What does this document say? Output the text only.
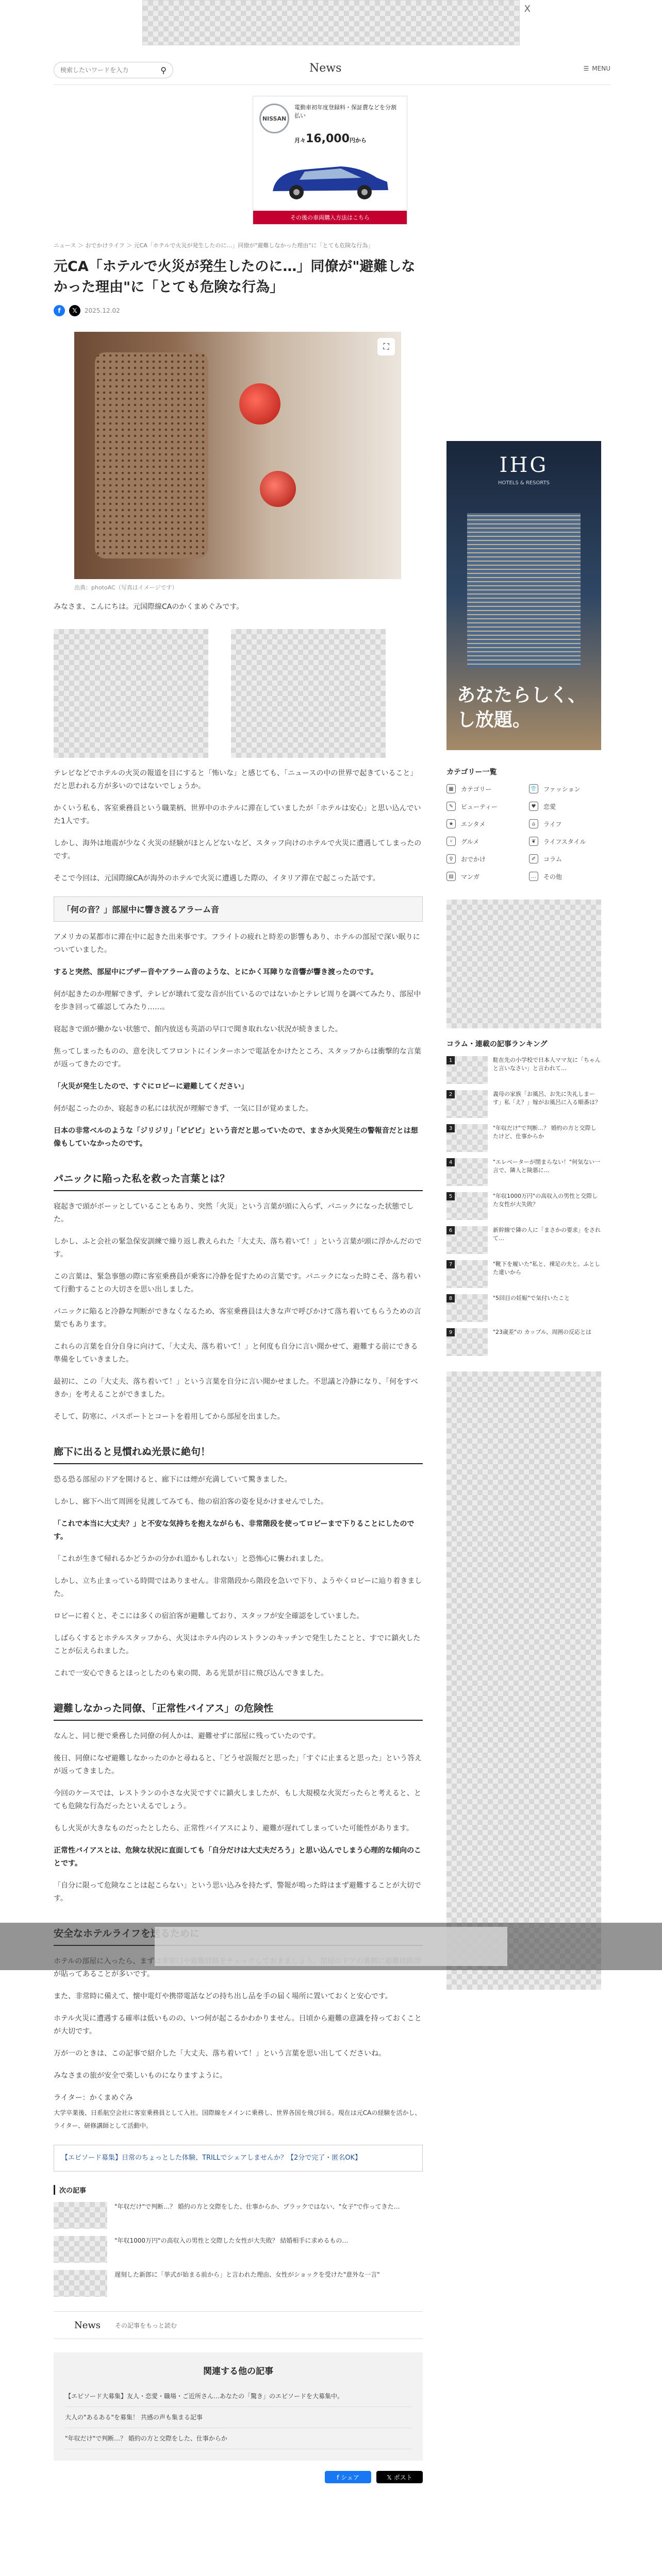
X
検索したいワードを入力
⚲	News	☰ MENU
NISSAN
電動車初年度登録料・保証費などを分割払い
月々16,000円から
その後の車両購入方法はこちら
ニュース ＞ おでかけライフ ＞ 元CA「ホテルで火災が発生したのに…」同僚が"避難しなかった理由"に「とても危険な行為」
元CA「ホテルで火災が発生したのに…」同僚が"避難しなかった理由"に「とても危険な行為」
f	𝕏	2025.12.02
⛶
出典：photoAC（写真はイメージです）

みなさま、こんにちは。元国際線CAのかくまめぐみです。

テレビなどでホテルの火災の報道を目にすると「怖いな」と感じても、「ニュースの中の世界で起きていること」だと思われる方が多いのではないでしょうか。

かくいう私も、客室乗務員という職業柄、世界中のホテルに滞在していましたが「ホテルは安心」と思い込んでいた1人です。

しかし、海外は地震が少なく火災の経験がほとんどないなど、スタッフ向けのホテルで火災に遭遇してしまったのです。

そこで今回は、元国際線CAが海外のホテルで火災に遭遇した際の、イタリア滞在で起こった話です。

「何の音？」部屋中に響き渡るアラーム音

アメリカの某都市に滞在中に起きた出来事です。フライトの疲れと時差の影響もあり、ホテルの部屋で深い眠りについていました。

すると突然、部屋中にブザー音やアラーム音のような、とにかく耳障りな音響が響き渡ったのです。

何が起きたのか理解できず、テレビが壊れて変な音が出ているのではないかとテレビ周りを調べてみたり、部屋中を歩き回って確認してみたり……。

寝起きで頭が働かない状態で、館内放送も英語の早口で聞き取れない状況が続きました。

焦ってしまったものの、意を決してフロントにインターホンで電話をかけたところ、スタッフからは衝撃的な言葉が返ってきたのです。

「火災が発生したので、すぐにロビーに避難してください」

何が起こったのか、寝起きの私には状況が理解できず、一気に目が覚めました。

日本の非常ベルのような「ジリジリ」「ピピピ」という音だと思っていたので、まさか火災発生の警報音だとは想像もしていなかったのです。

パニックに陥った私を救った言葉とは？

寝起きで頭がボーッとしていることもあり、突然「火災」という言葉が頭に入らず、パニックになった状態でした。

しかし、ふと会社の緊急保安訓練で繰り返し教えられた「大丈夫、落ち着いて！」という言葉が頭に浮かんだのです。

この言葉は、緊急事態の際に客室乗務員が乗客に冷静を促すための言葉です。パニックになった時こそ、落ち着いて行動することの大切さを思い出しました。

パニックに陥ると冷静な判断ができなくなるため、客室乗務員は大きな声で呼びかけて落ち着いてもらうための言葉でもあります。

これらの言葉を自分自身に向けて、「大丈夫、落ち着いて！」と何度も自分に言い聞かせて、避難する前にできる準備をしていきました。

最初に、この「大丈夫、落ち着いて！」という言葉を自分に言い聞かせました。不思議と冷静になり、「何をすべきか」を考えることができました。

そして、防寒に、パスポートとコートを着用してから部屋を出ました。

廊下に出ると見慣れぬ光景に絶句！

恐る恐る部屋のドアを開けると、廊下には煙が充満していて驚きました。

しかし、廊下へ出て周囲を見渡してみても、他の宿泊客の姿を見かけませんでした。

「これで本当に大丈夫？」と不安な気持ちを抱えながらも、非常階段を使ってロビーまで下りることにしたのです。

「これが生きて帰れるかどうかの分かれ道かもしれない」と恐怖心に襲われました。

しかし、立ち止まっている時間ではありません。非常階段から階段を急いで下り、ようやくロビーに辿り着きました。

ロビーに着くと、そこには多くの宿泊客が避難しており、スタッフが安全確認をしていました。

しばらくするとホテルスタッフから、火災はホテル内のレストランのキッチンで発生したことと、すでに鎮火したことが伝えられました。

これで一安心できるとほっとしたのも束の間、ある光景が目に飛び込んできました。

避難しなかった同僚、「正常性バイアス」の危険性

なんと、同じ便で乗務した同僚の何人かは、避難せずに部屋に残っていたのです。

後日、同僚になぜ避難しなかったのかと尋ねると、「どうせ誤報だと思った」「すぐに止まると思った」という答えが返ってきました。

今回のケースでは、レストランの小さな火災ですぐに鎮火しましたが、もし大規模な火災だったらと考えると、とても危険な行為だったといえるでしょう。

もし火災が大きなものだったとしたら、正常性バイアスにより、避難が遅れてしまっていた可能性があります。

正常性バイアスとは、危険な状況に直面しても「自分だけは大丈夫だろう」と思い込んでしまう心理的な傾向のことです。

「自分に限って危険なことは起こらない」という思い込みを持たず、警報が鳴った時はまず避難することが大切です。

が貼ってあることが多いです。

また、非常時に備えて、懐中電灯や携帯電話などの持ち出し品を手の届く場所に置いておくと安心です。

ホテル火災に遭遇する確率は低いものの、いつ何が起こるかわかりません。日頃から避難の意識を持っておくことが大切です。

万が一のときは、この記事で紹介した「大丈夫、落ち着いて！」という言葉を思い出してくださいね。

みなさまの旅が安全で楽しいものになりますように。

ライター：かくまめぐみ

大学卒業後、日系航空会社に客室乗務員として入社。国際線をメインに乗務し、世界各国を飛び回る。現在は元CAの経験を活かし、ライター、研修講師として活動中。

【エピソード募集】日常のちょっとした体験、TRILLでシェアしませんか？【2分で完了・匿名OK】
次の記事
"年収だけ"で判断…？ 婚約の方と交際をした、仕事からか、ブラックではない、"女子"で作ってきた…
"年収1000万円"の高収入の男性と交際した女性が大失敗？ 結婚相手に求めるもの…
遅刻した新郎に「挙式が始まる前から」と言われた理由、女性がショックを受けた"意外な一言"
News その記事をもっと読む
関連する他の記事
【エピソード大募集】友人・恋愛・職場・ご近所さん…あなたの「驚き」のエピソードを大募集中。
大人の"あるある"を募集！ 共感の声も集まる記事
"年収だけ"で判断…？ 婚約の方と交際をした、仕事からか
f シェア	𝕏 ポスト
IHG
HOTELS & RESORTS
あなたらしく、
し放題。
カテゴリー一覧
▦	カテゴリー	👕 ファッション
✎	ビューティー	♥	恋愛
★	エンタメ	⌂	ライフ
⑂	グルメ	❦	ライフスタイル
⚲	おでかけ	✐	コラム
▤	マンガ	…	その他
コラム・連載の記事ランキング
1	駐在先の小学校で日本人ママ友に「ちゃんと言いなさい」と言われて…
2	義母の家族「お風呂、お先に失礼しまーす」私「え？」嫁がお風呂に入る順番は？
3	"年収だけ"で判断…？ 婚約の方と交際したけど、仕事からか
4	"エレベーターが閉まらない！"何気ない一言で、隣人と険悪に…
5	"年収1000万円"の高収入の男性と交際した女性が大失敗？
6	新幹線で隣の人に「まさかの要求」をされて…
7	"靴下を履いた"私と、裸足の夫と。ふとした違いから
8	"5回目の妊娠"で気付いたこと
9	"23歳差"の カップル、周囲の反応とは
